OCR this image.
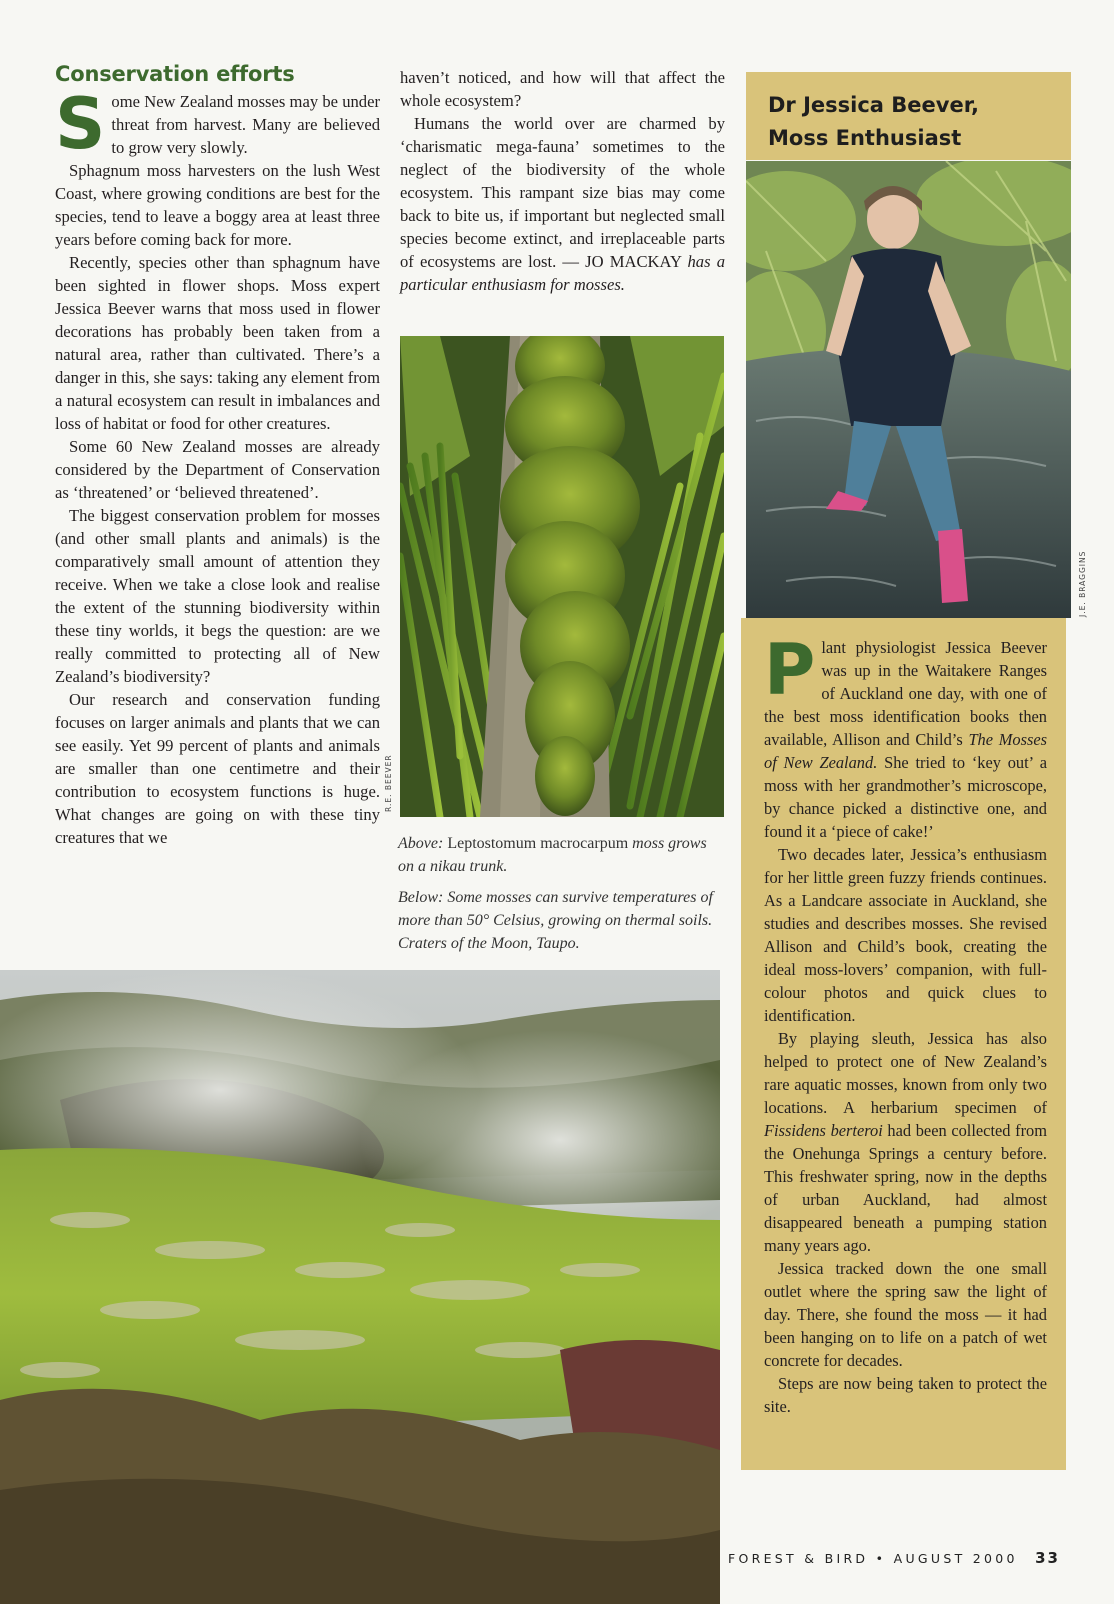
Conservation efforts

Some New Zealand mosses may be under threat from harvest. Many are believed to grow very slowly.

Sphagnum moss harvesters on the lush West Coast, where growing conditions are best for the species, tend to leave a boggy area at least three years before coming back for more.

Recently, species other than sphagnum have been sighted in flower shops. Moss expert Jessica Beever warns that moss used in flower decorations has probably been taken from a natural area, rather than cultivated. There’s a danger in this, she says: taking any element from a natural ecosystem can result in imbalances and loss of habitat or food for other creatures.

Some 60 New Zealand mosses are already considered by the Department of Conservation as ‘threatened’ or ‘believed threatened’.

The biggest conservation problem for mosses (and other small plants and animals) is the comparatively small amount of attention they receive. When we take a close look and realise the extent of the stunning biodiversity within these tiny worlds, it begs the question: are we really committed to protecting all of New Zealand’s biodiversity?

Our research and conservation funding focuses on larger animals and plants that we can see easily. Yet 99 percent of plants and animals are smaller than one centimetre and their contribution to ecosystem functions is huge. What changes are going on with these tiny creatures that we

haven’t noticed, and how will that affect the whole ecosystem?

Humans the world over are charmed by ‘charismatic mega-fauna’ sometimes to the neglect of the biodiversity of the whole ecosystem. This rampant size bias may come back to bite us, if important but neglected small species become extinct, and irreplaceable parts of ecosystems are lost. — JO MACKAY has a particular enthusiasm for mosses.

R.E. BEEVER

Above: Leptostomum macrocarpum moss grows on a nikau trunk.

Below: Some mosses can survive temperatures of more than 50° Celsius, growing on thermal soils. Craters of the Moon, Taupo.

Dr Jessica Beever,
Moss Enthusiast
J.E. BRAGGINS

Plant physiologist Jessica Beever was up in the Waitakere Ranges of Auckland one day, with one of the best moss identification books then available, Allison and Child’s The Mosses of New Zealand. She tried to ‘key out’ a moss with her grandmother’s microscope, by chance picked a distinctive one, and found it a ‘piece of cake!’

Two decades later, Jessica’s enthusiasm for her little green fuzzy friends continues. As a Landcare associate in Auckland, she studies and describes mosses. She revised Allison and Child’s book, creating the ideal moss-lovers’ companion, with full-colour photos and quick clues to identification.

By playing sleuth, Jessica has also helped to protect one of New Zealand’s rare aquatic mosses, known from only two locations. A herbarium specimen of Fissidens berteroi had been collected from the Onehunga Springs a century before. This freshwater spring, now in the depths of urban Auckland, had almost disappeared beneath a pumping station many years ago.

Jessica tracked down the one small outlet where the spring saw the light of day. There, she found the moss — it had been hanging on to life on a patch of wet concrete for decades.

Steps are now being taken to protect the site.

FOREST & BIRD • AUGUST 2000 33
